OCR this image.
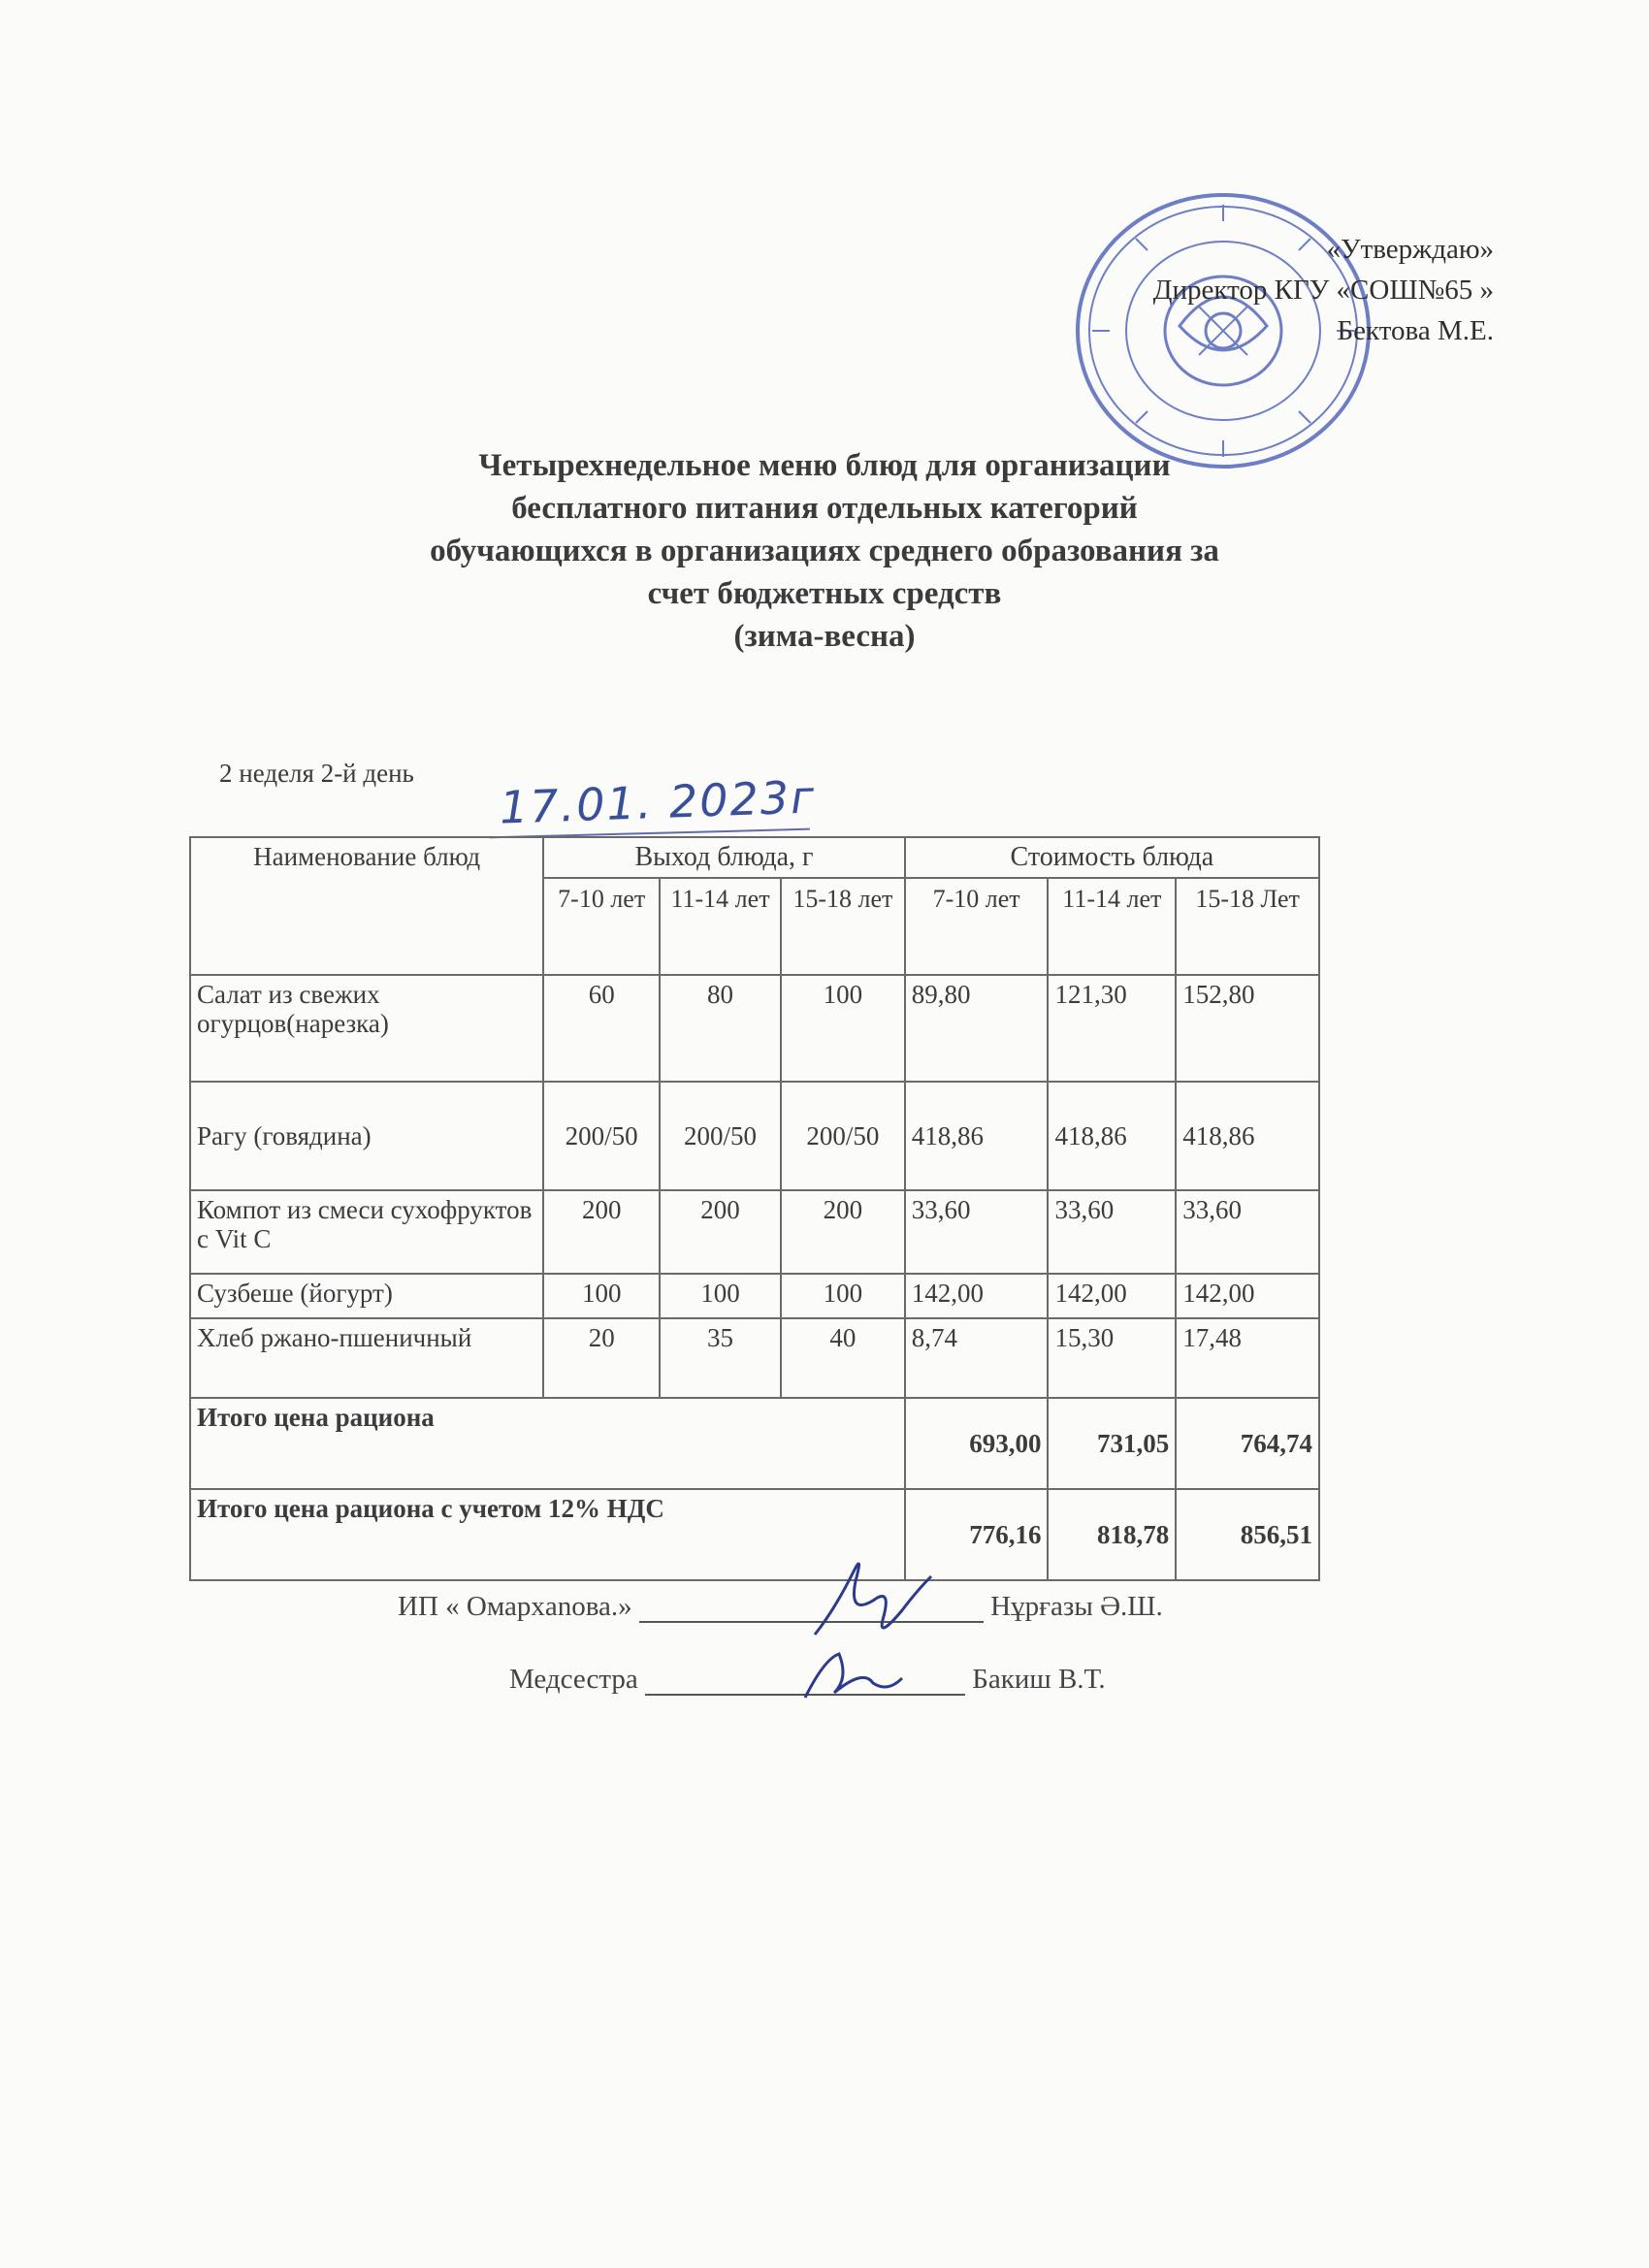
«Утверждаю»
Директор КГУ «СОШ№65 »
Бектова М.Е.
Четырехнедельное меню блюд для организации
бесплатного питания отдельных категорий
обучающихся в организациях среднего образования за
счет бюджетных средств
(зима-весна)
2 неделя 2-й день 17.01. 2023г
Наименование блюд	Выход блюда, г			Стоимость блюда		
	7-10 лет	11-14 лет	15-18 лет	7-10 лет	11-14 лет	15-18 Лет
Салат из свежих огурцов(нарезка)	60	80	100	89,80	121,30	152,80
Рагу (говядина)	200/50	200/50	200/50	418,86	418,86	418,86
Компот из смеси сухофруктов с Vit C	200	200	200	33,60	33,60	33,60
Сузбеше (йогурт)	100	100	100	142,00	142,00	142,00
Хлеб ржано-пшеничный	20	35	40	8,74	15,30	17,48
Итого цена рациона				693,00	731,05	764,74
Итого цена рациона с учетом 12% НДС				776,16	818,78	856,51
ИП « Омархanова.»	Нұрғазы Ә.Ш.
Медсестра	Бакиш В.Т.
